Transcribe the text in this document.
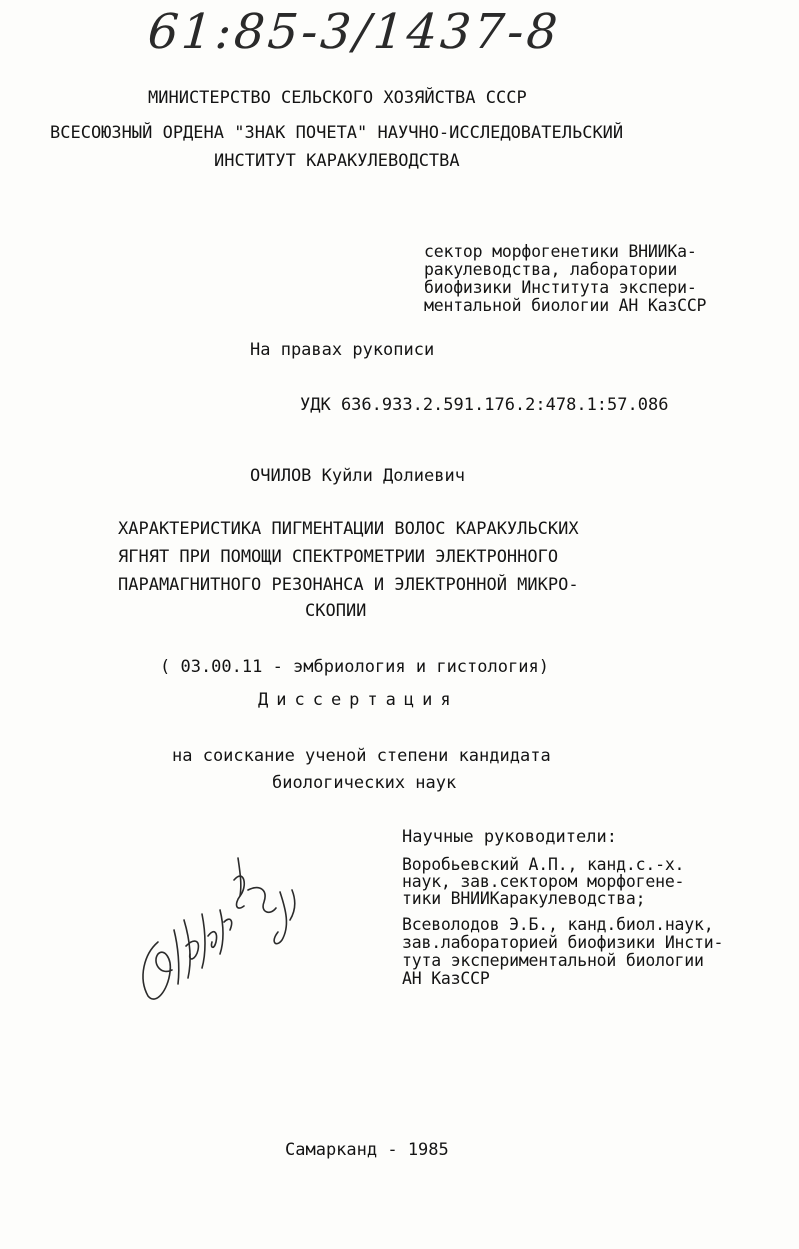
61:85-3/1437-8
МИНИСТЕРСТВО СЕЛЬСКОГО ХОЗЯЙСТВА СССР
ВСЕСОЮЗНЫЙ ОРДЕНА "ЗНАК ПОЧЕТА" НАУЧНО-ИССЛЕДОВАТЕЛЬСКИЙ
ИНСТИТУТ КАРАКУЛЕВОДСТВА
сектор морфогенетики ВНИИКа-
ракулеводства, лаборатории
биофизики Института экспери-
ментальной биологии АН КазССР
На правах рукописи
УДК 636.933.2.591.176.2:478.1:57.086
ОЧИЛОВ Куйли Долиевич
ХАРАКТЕРИСТИКА ПИГМЕНТАЦИИ ВОЛОС КАРАКУЛЬСКИХ
ЯГНЯТ ПРИ ПОМОЩИ СПЕКТРОМЕТРИИ ЭЛЕКТРОННОГО
ПАРАМАГНИТНОГО РЕЗОНАНСА И ЭЛЕКТРОННОЙ МИКРО-
СКОПИИ
( 03.00.11 - эмбриология и гистология)
Диссертация
на соискание ученой степени кандидата
биологических наук
Научные руководители:
Воробьевский А.П., канд.с.-х.
наук, зав.сектором морфогене-
тики ВНИИКаракулеводства;
Всеволодов Э.Б., канд.биол.наук,
зав.лабораторией биофизики Инсти-
тута экспериментальной биологии
АН КазССР
Самарканд - 1985
